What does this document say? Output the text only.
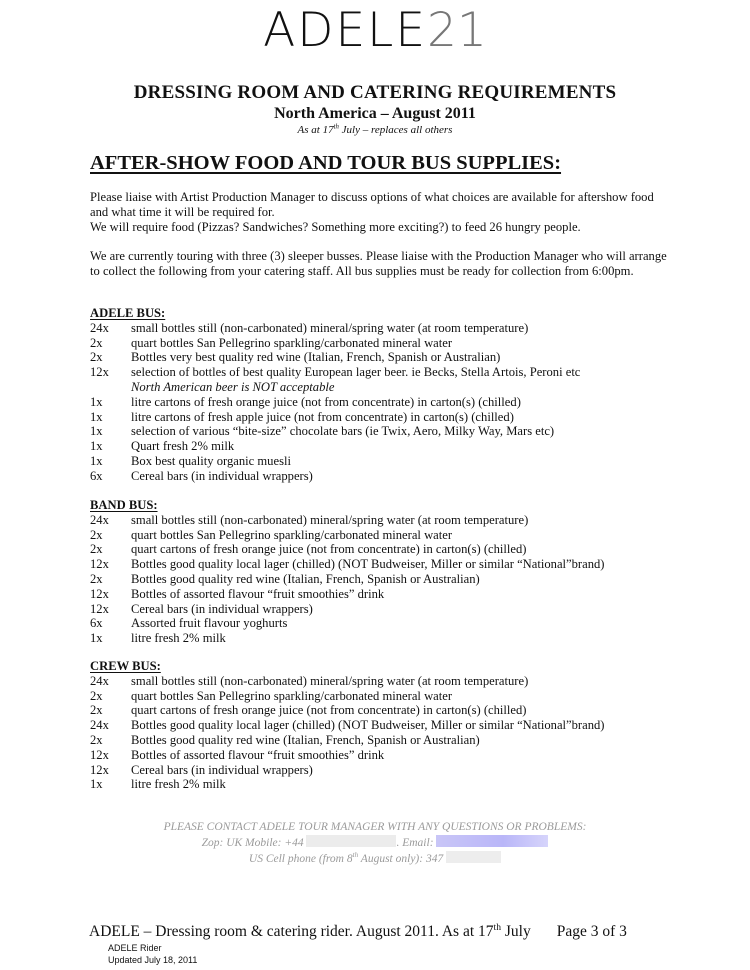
ADELE21
DRESSING ROOM AND CATERING REQUIREMENTS
North America – August 2011
As at 17th July – replaces all others
AFTER-SHOW FOOD AND TOUR BUS SUPPLIES:
Please liaise with Artist Production Manager to discuss options of what choices are available for aftershow food and what time it will be required for.
We will require food (Pizzas? Sandwiches? Something more exciting?) to feed 26 hungry people.
We are currently touring with three (3) sleeper busses. Please liaise with the Production Manager who will arrange to collect the following from your catering staff. All bus supplies must be ready for collection from 6:00pm.
ADELE BUS:
24x	small bottles still (non-carbonated) mineral/spring water (at room temperature)
2x	quart bottles San Pellegrino sparkling/carbonated mineral water
2x	Bottles very best quality red wine (Italian, French, Spanish or Australian)
12x	selection of bottles of best quality European lager beer. ie Becks, Stella Artois, Peroni etc
North American beer is NOT acceptable
1x	litre cartons of fresh orange juice (not from concentrate) in carton(s) (chilled)
1x	litre cartons of fresh apple juice (not from concentrate) in carton(s) (chilled)
1x	selection of various “bite-size” chocolate bars (ie Twix, Aero, Milky Way, Mars etc)
1x	Quart fresh 2% milk
1x	Box best quality organic muesli
6x	Cereal bars (in individual wrappers)
BAND BUS:
24x	small bottles still (non-carbonated) mineral/spring water (at room temperature)
2x	quart bottles San Pellegrino sparkling/carbonated mineral water
2x	quart cartons of fresh orange juice (not from concentrate) in carton(s) (chilled)
12x	Bottles good quality local lager (chilled) (NOT Budweiser, Miller or similar “National”brand)
2x	Bottles good quality red wine (Italian, French, Spanish or Australian)
12x	Bottles of assorted flavour “fruit smoothies” drink
12x	Cereal bars (in individual wrappers)
6x	Assorted fruit flavour yoghurts
1x	litre fresh 2% milk
CREW BUS:
24x	small bottles still (non-carbonated) mineral/spring water (at room temperature)
2x	quart bottles San Pellegrino sparkling/carbonated mineral water
2x	quart cartons of fresh orange juice (not from concentrate) in carton(s) (chilled)
24x	Bottles good quality local lager (chilled) (NOT Budweiser, Miller or similar “National”brand)
2x	Bottles good quality red wine (Italian, French, Spanish or Australian)
12x	Bottles of assorted flavour “fruit smoothies” drink
12x	Cereal bars (in individual wrappers)
1x	litre fresh 2% milk
PLEASE CONTACT ADELE TOUR MANAGER WITH ANY QUESTIONS OR PROBLEMS:
Zop: UK Mobile: +44	. Email:
US Cell phone (from 8th August only): 347
ADELE – Dressing room & catering rider. August 2011. As at 17th July Page 3 of 3
ADELE Rider
Updated July 18, 2011
